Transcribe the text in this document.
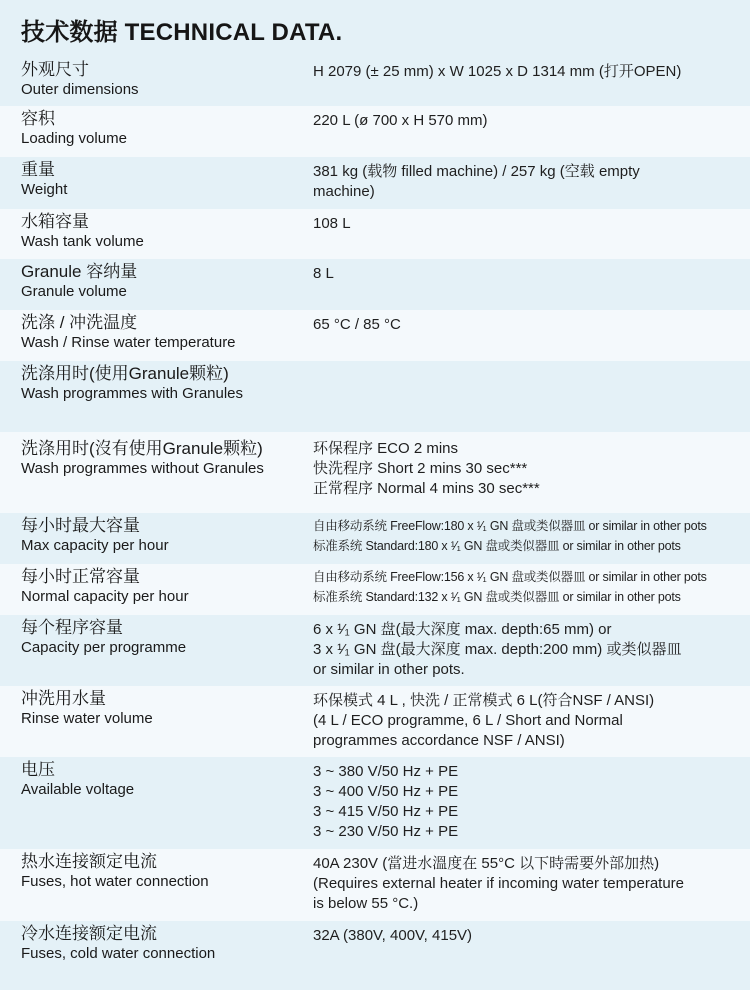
技术数据 TECHNICAL DATA.
外观尺寸
Outer dimensions
H 2079 (± 25 mm) x W 1025 x D 1314 mm (打开OPEN)
容积
Loading volume
220 L (ø 700 x H 570 mm)
重量
Weight
381 kg (载物 filled machine) / 257 kg (空载 empty
machine)
水箱容量
Wash tank volume
108 L
Granule 容纳量
Granule volume
8 L
洗涤 / 冲洗温度
Wash / Rinse water temperature
65 °C / 85 °C
洗涤用时(使用Granule颗粒)
Wash programmes with Granules
洗涤用时(沒有使用Granule颗粒)
Wash programmes without Granules
环保程序 ECO 2 mins
快洗程序 Short 2 mins 30 sec***
正常程序 Normal 4 mins 30 sec***
每小时最大容量
Max capacity per hour
自由移动系统 FreeFlow:180 x ¹⁄₁ GN 盘或类似器皿 or similar in other pots
标准系统 Standard:180 x ¹⁄₁ GN 盘或类似器皿 or similar in other pots
每小时正常容量
Normal capacity per hour
自由移动系统 FreeFlow:156 x ¹⁄₁ GN 盘或类似器皿 or similar in other pots
标准系统 Standard:132 x ¹⁄₁ GN 盘或类似器皿 or similar in other pots
每个程序容量
Capacity per programme
6 x ¹⁄₁ GN 盘(最大深度 max. depth:65 mm) or
3 x ¹⁄₁ GN 盘(最大深度 max. depth:200 mm) 或类似器皿
or similar in other pots.
冲洗用水量
Rinse water volume
环保模式 4 L , 快洗 / 正常模式 6 L(符合NSF / ANSI)
(4 L / ECO programme, 6 L / Short and Normal
programmes accordance NSF / ANSI)
电压
Available voltage
3 ~ 380 V/50 Hz + PE
3 ~ 400 V/50 Hz + PE
3 ~ 415 V/50 Hz + PE
3 ~ 230 V/50 Hz + PE
热水连接额定电流
Fuses, hot water connection
40A 230V (當进水溫度在 55°C 以下時需要外部加热)
(Requires external heater if incoming water temperature
is below 55 °C.)
冷水连接额定电流
Fuses, cold water connection
32A (380V, 400V, 415V)
